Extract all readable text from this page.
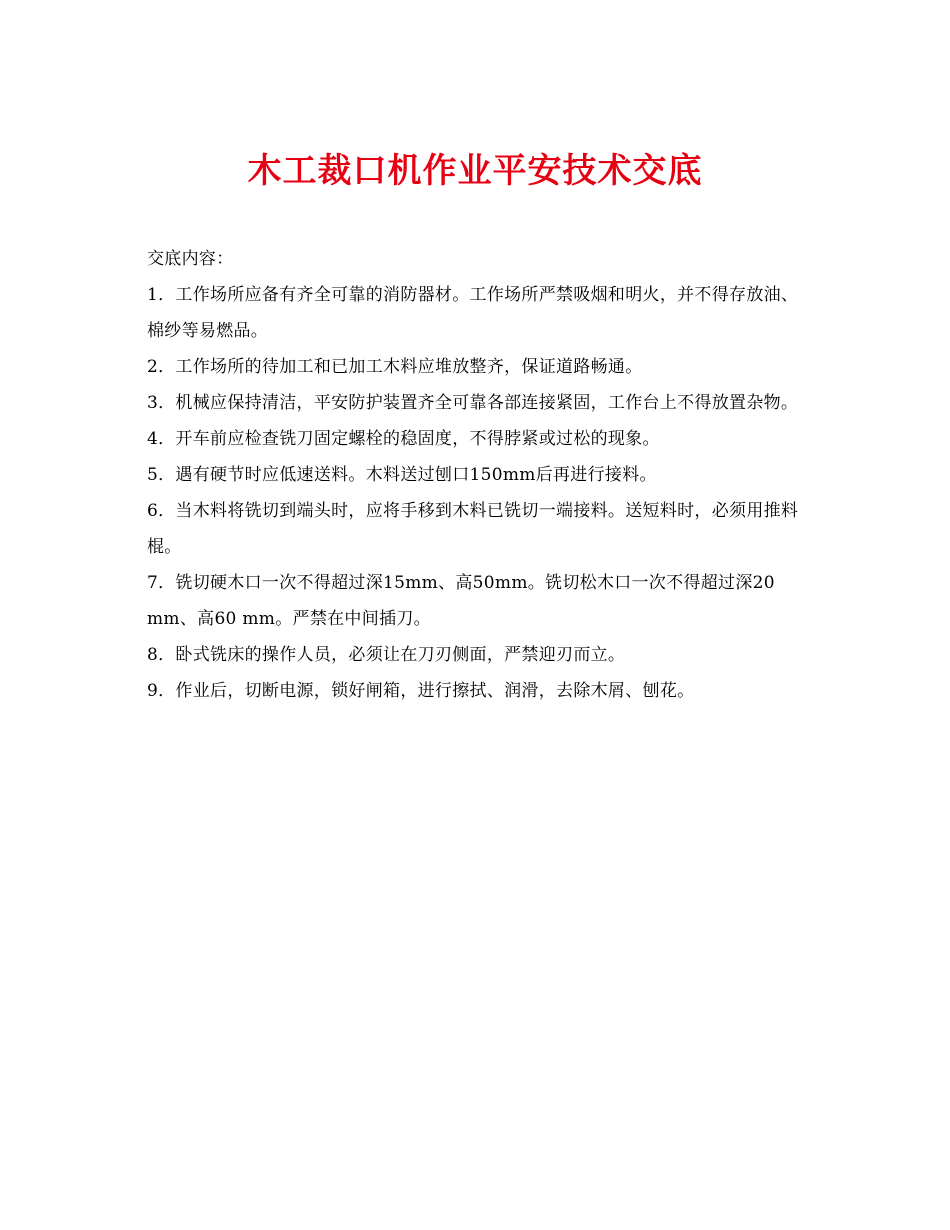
木工裁口机作业平安技术交底

交底内容：

1．工作场所应备有齐全可靠的消防器材。工作场所严禁吸烟和明火，并不得存放油、棉纱等易燃品。

2．工作场所的待加工和已加工木料应堆放整齐，保证道路畅通。

3．机械应保持清洁，平安防护装置齐全可靠各部连接紧固，工作台上不得放置杂物。

4．开车前应检查铣刀固定螺栓的稳固度，不得脖紧或过松的现象。

5．遇有硬节时应低速送料。木料送过刨口150mm后再进行接料。

6．当木料将铣切到端头时，应将手移到木料已铣切一端接料。送短料时，必须用推料棍。

7．铣切硬木口一次不得超过深15mm、高50mm。铣切松木口一次不得超过深20 mm、高60 mm。严禁在中间插刀。

8．卧式铣床的操作人员，必须让在刀刃侧面，严禁迎刃而立。

9．作业后，切断电源，锁好闸箱，进行擦拭、润滑，去除木屑、刨花。
